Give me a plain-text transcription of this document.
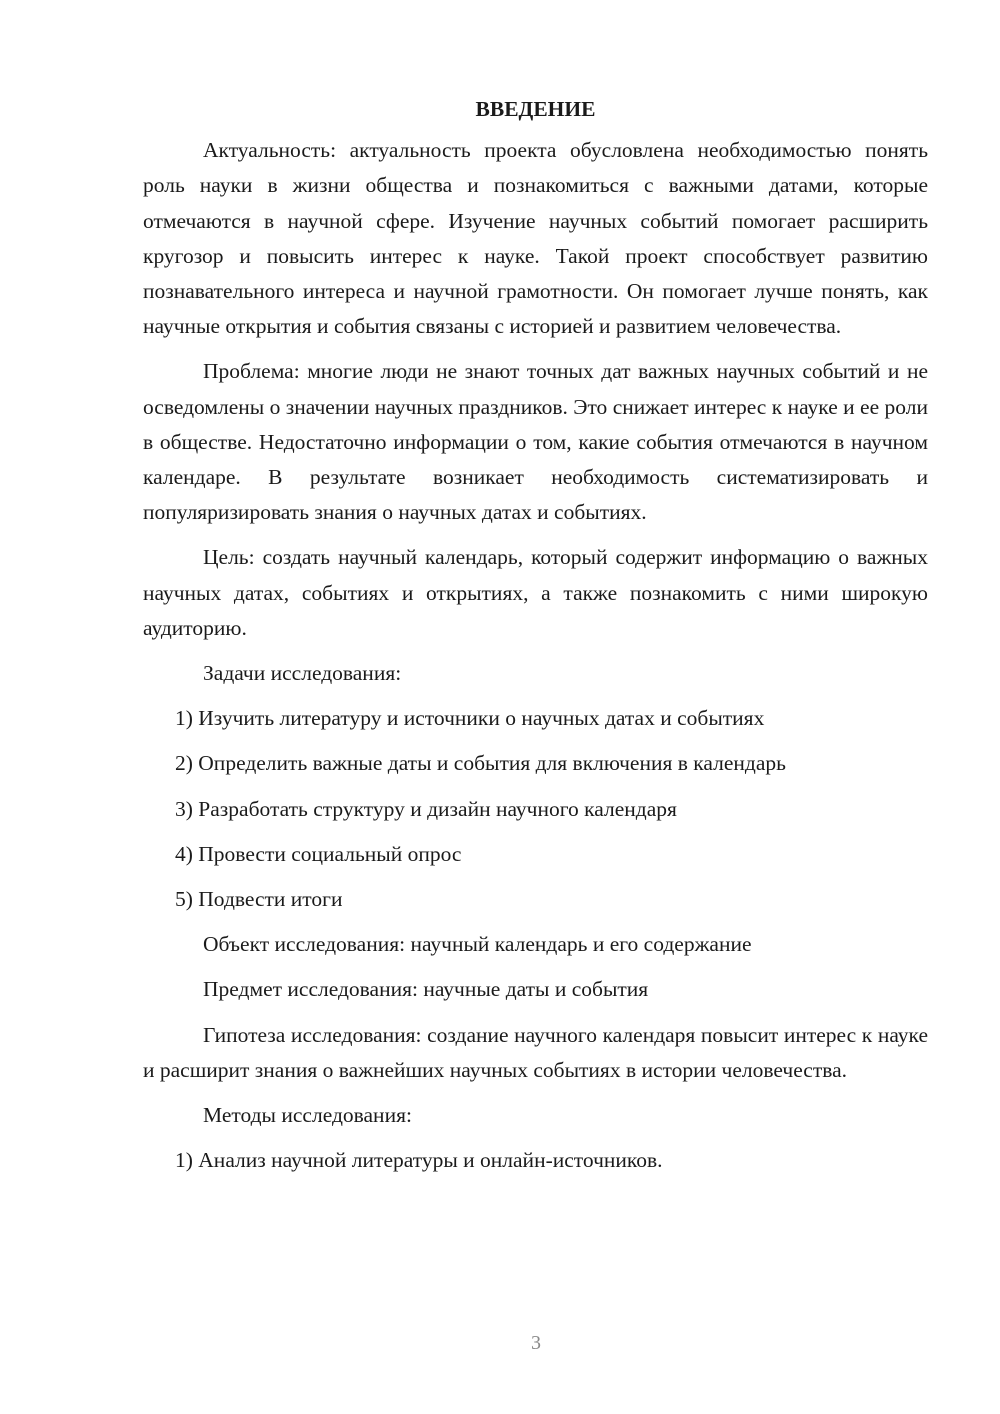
ВВЕДЕНИЕ

Актуальность: актуальность проекта обусловлена необходимостью понять роль науки в жизни общества и познакомиться с важными датами, которые отмечаются в научной сфере. Изучение научных событий помогает расширить кругозор и повысить интерес к науке. Такой проект способствует развитию познавательного интереса и научной грамотности. Он помогает лучше понять, как научные открытия и события связаны с историей и развитием человечества.

Проблема: многие люди не знают точных дат важных научных событий и не осведомлены о значении научных праздников. Это снижает интерес к науке и ее роли в обществе. Недостаточно информации о том, какие события отмечаются в научном календаре. В результате возникает необходимость систематизировать и популяризировать знания о научных датах и событиях.

Цель: создать научный календарь, который содержит информацию о важных научных датах, событиях и открытиях, а также познакомить с ними широкую аудиторию.

Задачи исследования:
1) Изучить литературу и источники о научных датах и событиях
2) Определить важные даты и события для включения в календарь
3) Разработать структуру и дизайн научного календаря
4) Провести социальный опрос
5) Подвести итоги
Объект исследования: научный календарь и его содержание
Предмет исследования: научные даты и события

Гипотеза исследования: создание научного календаря повысит интерес к науке и расширит знания о важнейших научных событиях в истории человечества.

Методы исследования:
1) Анализ научной литературы и онлайн-источников.
3
